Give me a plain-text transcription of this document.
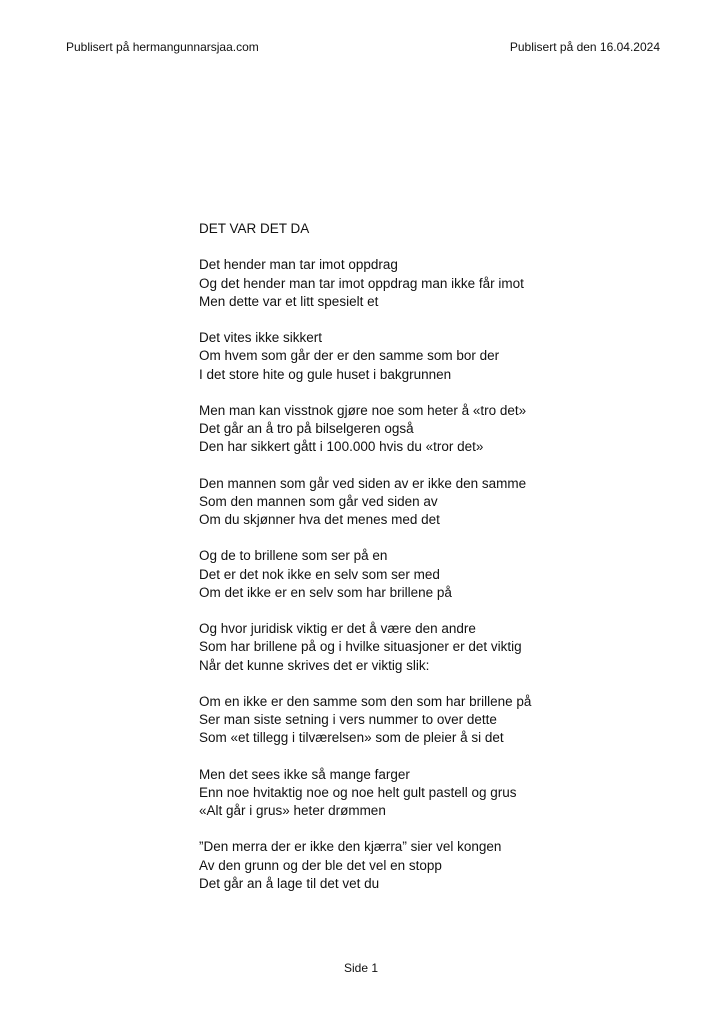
Publisert på hermangunnarsjaa.com	Publisert på den 16.04.2024
DET VAR DET DA
Det hender man tar imot oppdrag
Og det hender man tar imot oppdrag man ikke får imot
Men dette var et litt spesielt et
Det vites ikke sikkert
Om hvem som går der er den samme som bor der
I det store hite og gule huset i bakgrunnen
Men man kan visstnok gjøre noe som heter å «tro det»
Det går an å tro på bilselgeren også
Den har sikkert gått i 100.000 hvis du «tror det»
Den mannen som går ved siden av er ikke den samme
Som den mannen som går ved siden av
Om du skjønner hva det menes med det
Og de to brillene som ser på en
Det er det nok ikke en selv som ser med
Om det ikke er en selv som har brillene på
Og hvor juridisk viktig er det å være den andre
Som har brillene på og i hvilke situasjoner er det viktig
Når det kunne skrives det er viktig slik:
Om en ikke er den samme som den som har brillene på
Ser man siste setning i vers nummer to over dette
Som «et tillegg i tilværelsen» som de pleier å si det
Men det sees ikke så mange farger
Enn noe hvitaktig noe og noe helt gult pastell og grus
«Alt går i grus» heter drømmen
”Den merra der er ikke den kjærra” sier vel kongen
Av den grunn og der ble det vel en stopp
Det går an å lage til det vet du
Side 1
